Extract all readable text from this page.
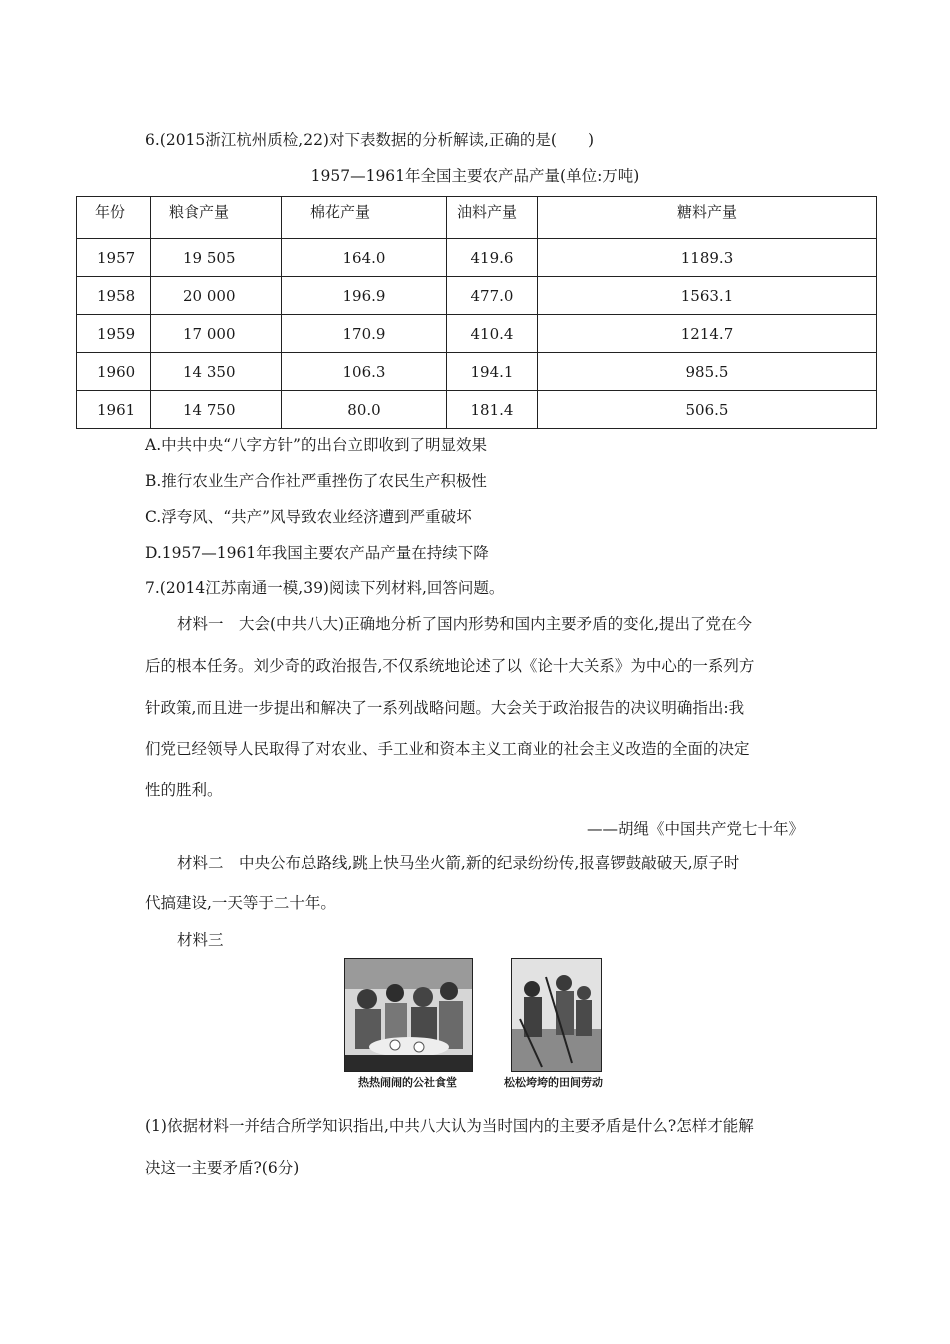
6.(2015浙江杭州质检,22)对下表数据的分析解读,正确的是(　　)
1957—1961年全国主要农产品产量(单位:万吨)
年份	粮食产量	棉花产量	油料产量	糖料产量
1957	19 505	164.0	419.6	1189.3
1958	20 000	196.9	477.0	1563.1
1959	17 000	170.9	410.4	1214.7
1960	14 350	106.3	194.1	985.5
1961	14 750	80.0	181.4	506.5
A.中共中央“八字方针”的出台立即收到了明显效果
B.推行农业生产合作社严重挫伤了农民生产积极性
C.浮夸风、“共产”风导致农业经济遭到严重破坏
D.1957—1961年我国主要农产品产量在持续下降
7.(2014江苏南通一模,39)阅读下列材料,回答问题。
材料一　大会(中共八大)正确地分析了国内形势和国内主要矛盾的变化,提出了党在今
后的根本任务。刘少奇的政治报告,不仅系统地论述了以《论十大关系》为中心的一系列方
针政策,而且进一步提出和解决了一系列战略问题。大会关于政治报告的决议明确指出:我
们党已经领导人民取得了对农业、手工业和资本主义工商业的社会主义改造的全面的决定
性的胜利。
——胡绳《中国共产党七十年》
材料二　中央公布总路线,跳上快马坐火箭,新的纪录纷纷传,报喜锣鼓敲破天,原子时
代搞建设,一天等于二十年。
材料三
热热闹闹的公社食堂	松松垮垮的田间劳动
(1)依据材料一并结合所学知识指出,中共八大认为当时国内的主要矛盾是什么?怎样才能解
决这一主要矛盾?(6分)
